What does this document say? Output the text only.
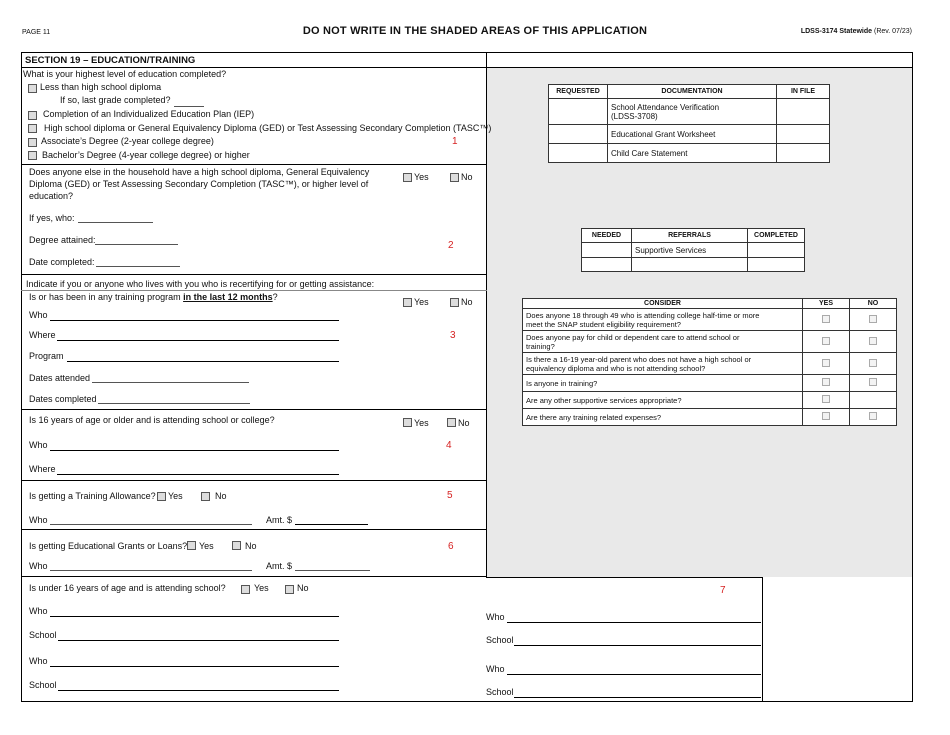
PAGE 11	DO NOT WRITE IN THE SHADED AREAS OF THIS APPLICATION	LDSS-3174 Statewide (Rev. 07/23)
SECTION 19 – EDUCATION/TRAINING
What is your highest level of education completed?
Less than high school diploma
If so, last grade completed?
Completion of an Individualized Education Plan (IEP)
High school diploma or General Equivalency Diploma (GED) or Test Assessing Secondary Completion (TASC™)
Associate’s Degree (2-year college degree)
Bachelor’s Degree (4-year college degree) or higher
1
Does anyone else in the household have a high school diploma, General Equivalency
Diploma (GED) or Test Assessing Secondary Completion (TASC™), or higher level of
education?
Yes	No
If yes, who:
Degree attained:
Date completed:
2
Indicate if you or anyone who lives with you who is recertifying for or getting assistance:
Is or has been in any training program in the last 12 months?	Yes	No
Who
Where
Program
Dates attended
Dates completed
3
Is 16 years of age or older and is attending school or college?	Yes	No
Who
Where
4
Is getting a Training Allowance? Yes	No
Who	Amt. $
5
Is getting Educational Grants or Loans? Yes	No
Who	Amt. $
6
Is under 16 years of age and is attending school?	Yes	No	7
Who
School
Who
School
Who
School
Who
School
REQUESTED	DOCUMENTATION	IN FILE

	School Attendance Verification
(LDSS-3708)	

	Educational Grant Worksheet	
	Child Care Statement	
NEEDED	REFERRALS	COMPLETED
	Supportive Services	

CONSIDER	YES	NO

Does anyone 18 through 49 who is attending college half-time or more
meet the SNAP student eligibility requirement?		

Does anyone pay for child or dependent care to attend school or
training?		

Is there a 16-19 year-old parent who does not have a high school or
equivalency diploma and who is not attending school?		

Is anyone in training?		
Are any other supportive services appropriate?		
Are there any training related expenses?		
